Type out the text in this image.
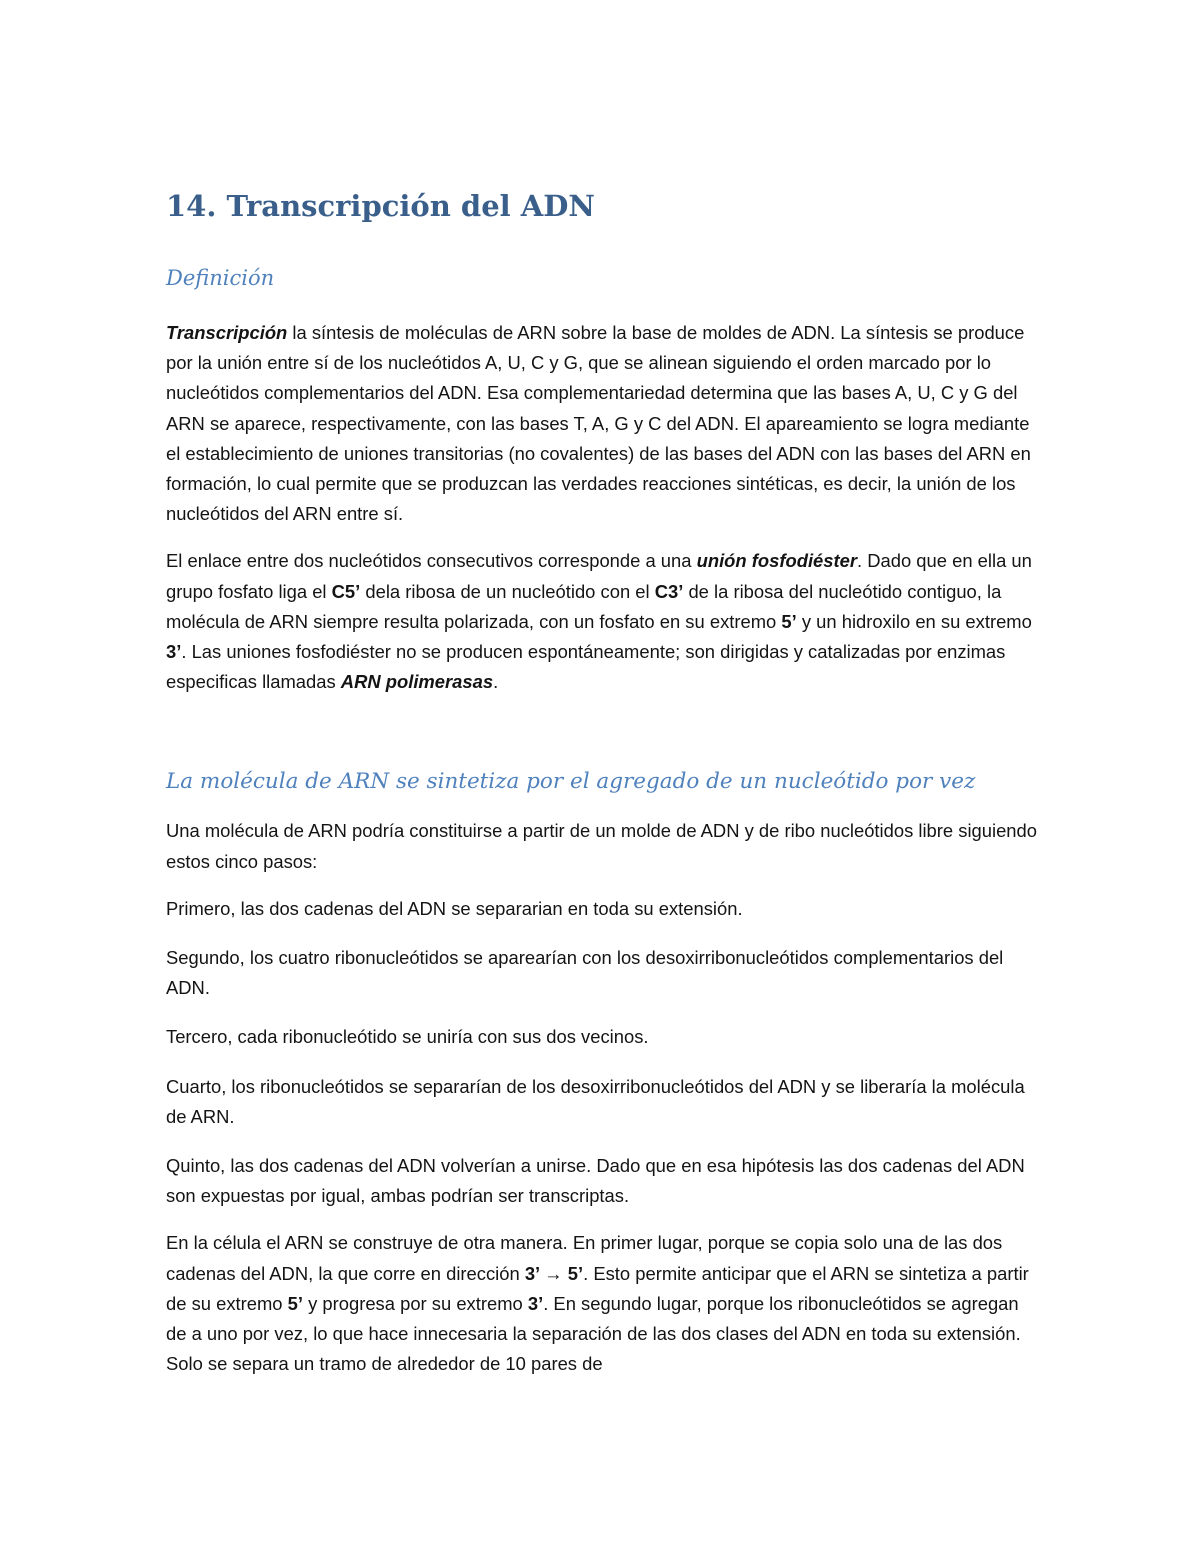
14. Transcripción del ADN
Definición

Transcripción la síntesis de moléculas de ARN sobre la base de moldes de ADN. La síntesis se produce por la unión entre sí de los nucleótidos A, U, C y G, que se alinean siguiendo el orden marcado por lo nucleótidos complementarios del ADN. Esa complementariedad determina que las bases A, U, C y G del ARN se aparece, respectivamente, con las bases T, A, G y C del ADN. El apareamiento se logra mediante el establecimiento de uniones transitorias (no covalentes) de las bases del ADN con las bases del ARN en formación, lo cual permite que se produzcan las verdades reacciones sintéticas, es decir, la unión de los nucleótidos del ARN entre sí.

El enlace entre dos nucleótidos consecutivos corresponde a una unión fosfodiéster. Dado que en ella un grupo fosfato liga el C5’ dela ribosa de un nucleótido con el C3’ de la ribosa del nucleótido contiguo, la molécula de ARN siempre resulta polarizada, con un fosfato en su extremo 5’ y un hidroxilo en su extremo 3’. Las uniones fosfodiéster no se producen espontáneamente; son dirigidas y catalizadas por enzimas especificas llamadas ARN polimerasas.

La molécula de ARN se sintetiza por el agregado de un nucleótido por vez

Una molécula de ARN podría constituirse a partir de un molde de ADN y de ribo nucleótidos libre siguiendo estos cinco pasos:

Primero, las dos cadenas del ADN se separarian en toda su extensión.

Segundo, los cuatro ribonucleótidos se aparearían con los desoxirribonucleótidos complementarios del ADN.

Tercero, cada ribonucleótido se uniría con sus dos vecinos.

Cuarto, los ribonucleótidos se separarían de los desoxirribonucleótidos del ADN y se liberaría la molécula de ARN.

Quinto, las dos cadenas del ADN volverían a unirse. Dado que en esa hipótesis las dos cadenas del ADN son expuestas por igual, ambas podrían ser transcriptas.

En la célula el ARN se construye de otra manera. En primer lugar, porque se copia solo una de las dos cadenas del ADN, la que corre en dirección 3’ → 5’. Esto permite anticipar que el ARN se sintetiza a partir de su extremo 5’ y progresa por su extremo 3’. En segundo lugar, porque los ribonucleótidos se agregan de a uno por vez, lo que hace innecesaria la separación de las dos clases del ADN en toda su extensión. Solo se separa un tramo de alrededor de 10 pares de
